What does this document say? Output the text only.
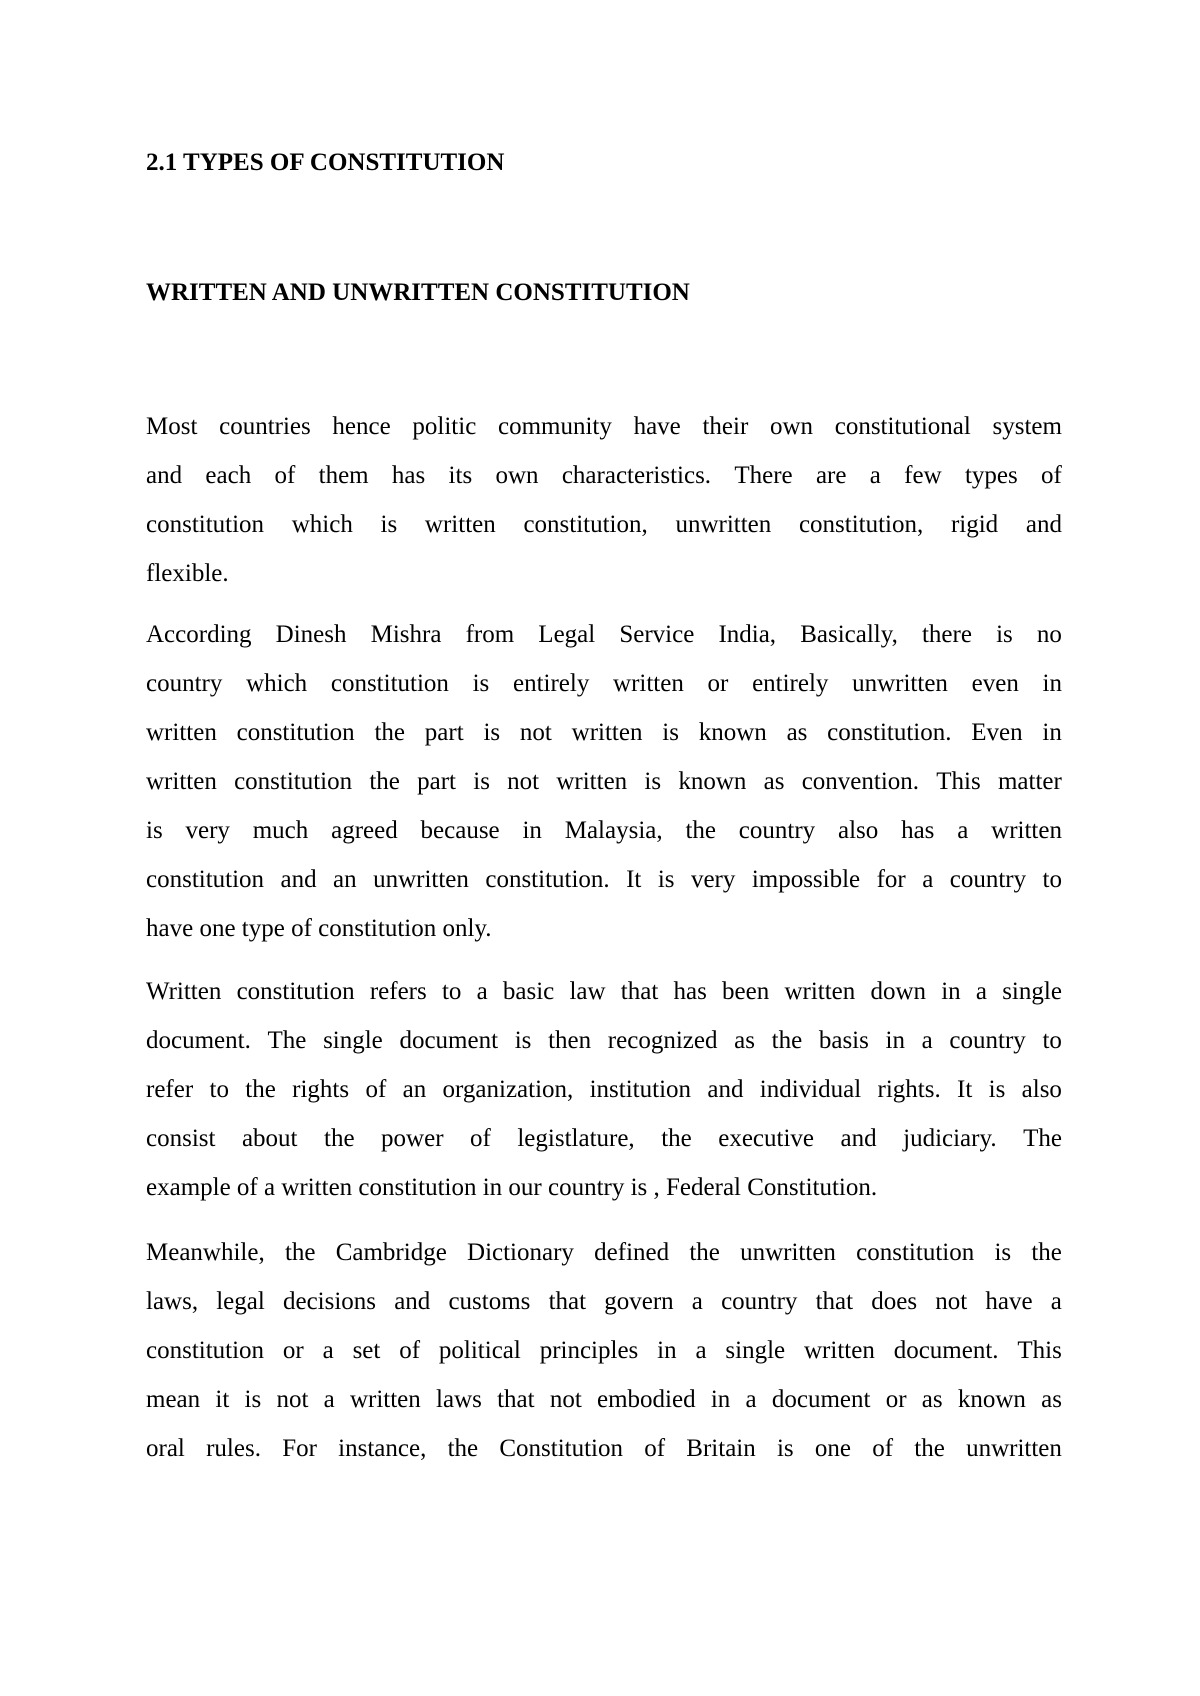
2.1 TYPES OF CONSTITUTION
WRITTEN AND UNWRITTEN CONSTITUTION
Most countries hence politic community have their own constitutional system
and each of them has its own characteristics. There are a few types of
constitution which is written constitution, unwritten constitution, rigid and
flexible.
According Dinesh Mishra from Legal Service India, Basically, there is no
country which constitution is entirely written or entirely unwritten even in
written constitution the part is not written is known as constitution. Even in
written constitution the part is not written is known as convention. This matter
is very much agreed because in Malaysia, the country also has a written
constitution and an unwritten constitution. It is very impossible for a country to
have one type of constitution only.
Written constitution refers to a basic law that has been written down in a single
document. The single document is then recognized as the basis in a country to
refer to the rights of an organization, institution and individual rights. It is also
consist about the power of legistlature, the executive and judiciary. The
example of a written constitution in our country is , Federal Constitution.
Meanwhile, the Cambridge Dictionary defined the unwritten constitution is the
laws, legal decisions and customs that govern a country that does not have a
constitution or a set of political principles in a single written document. This
mean it is not a written laws that not embodied in a document or as known as
oral rules. For instance, the Constitution of Britain is one of the unwritten
